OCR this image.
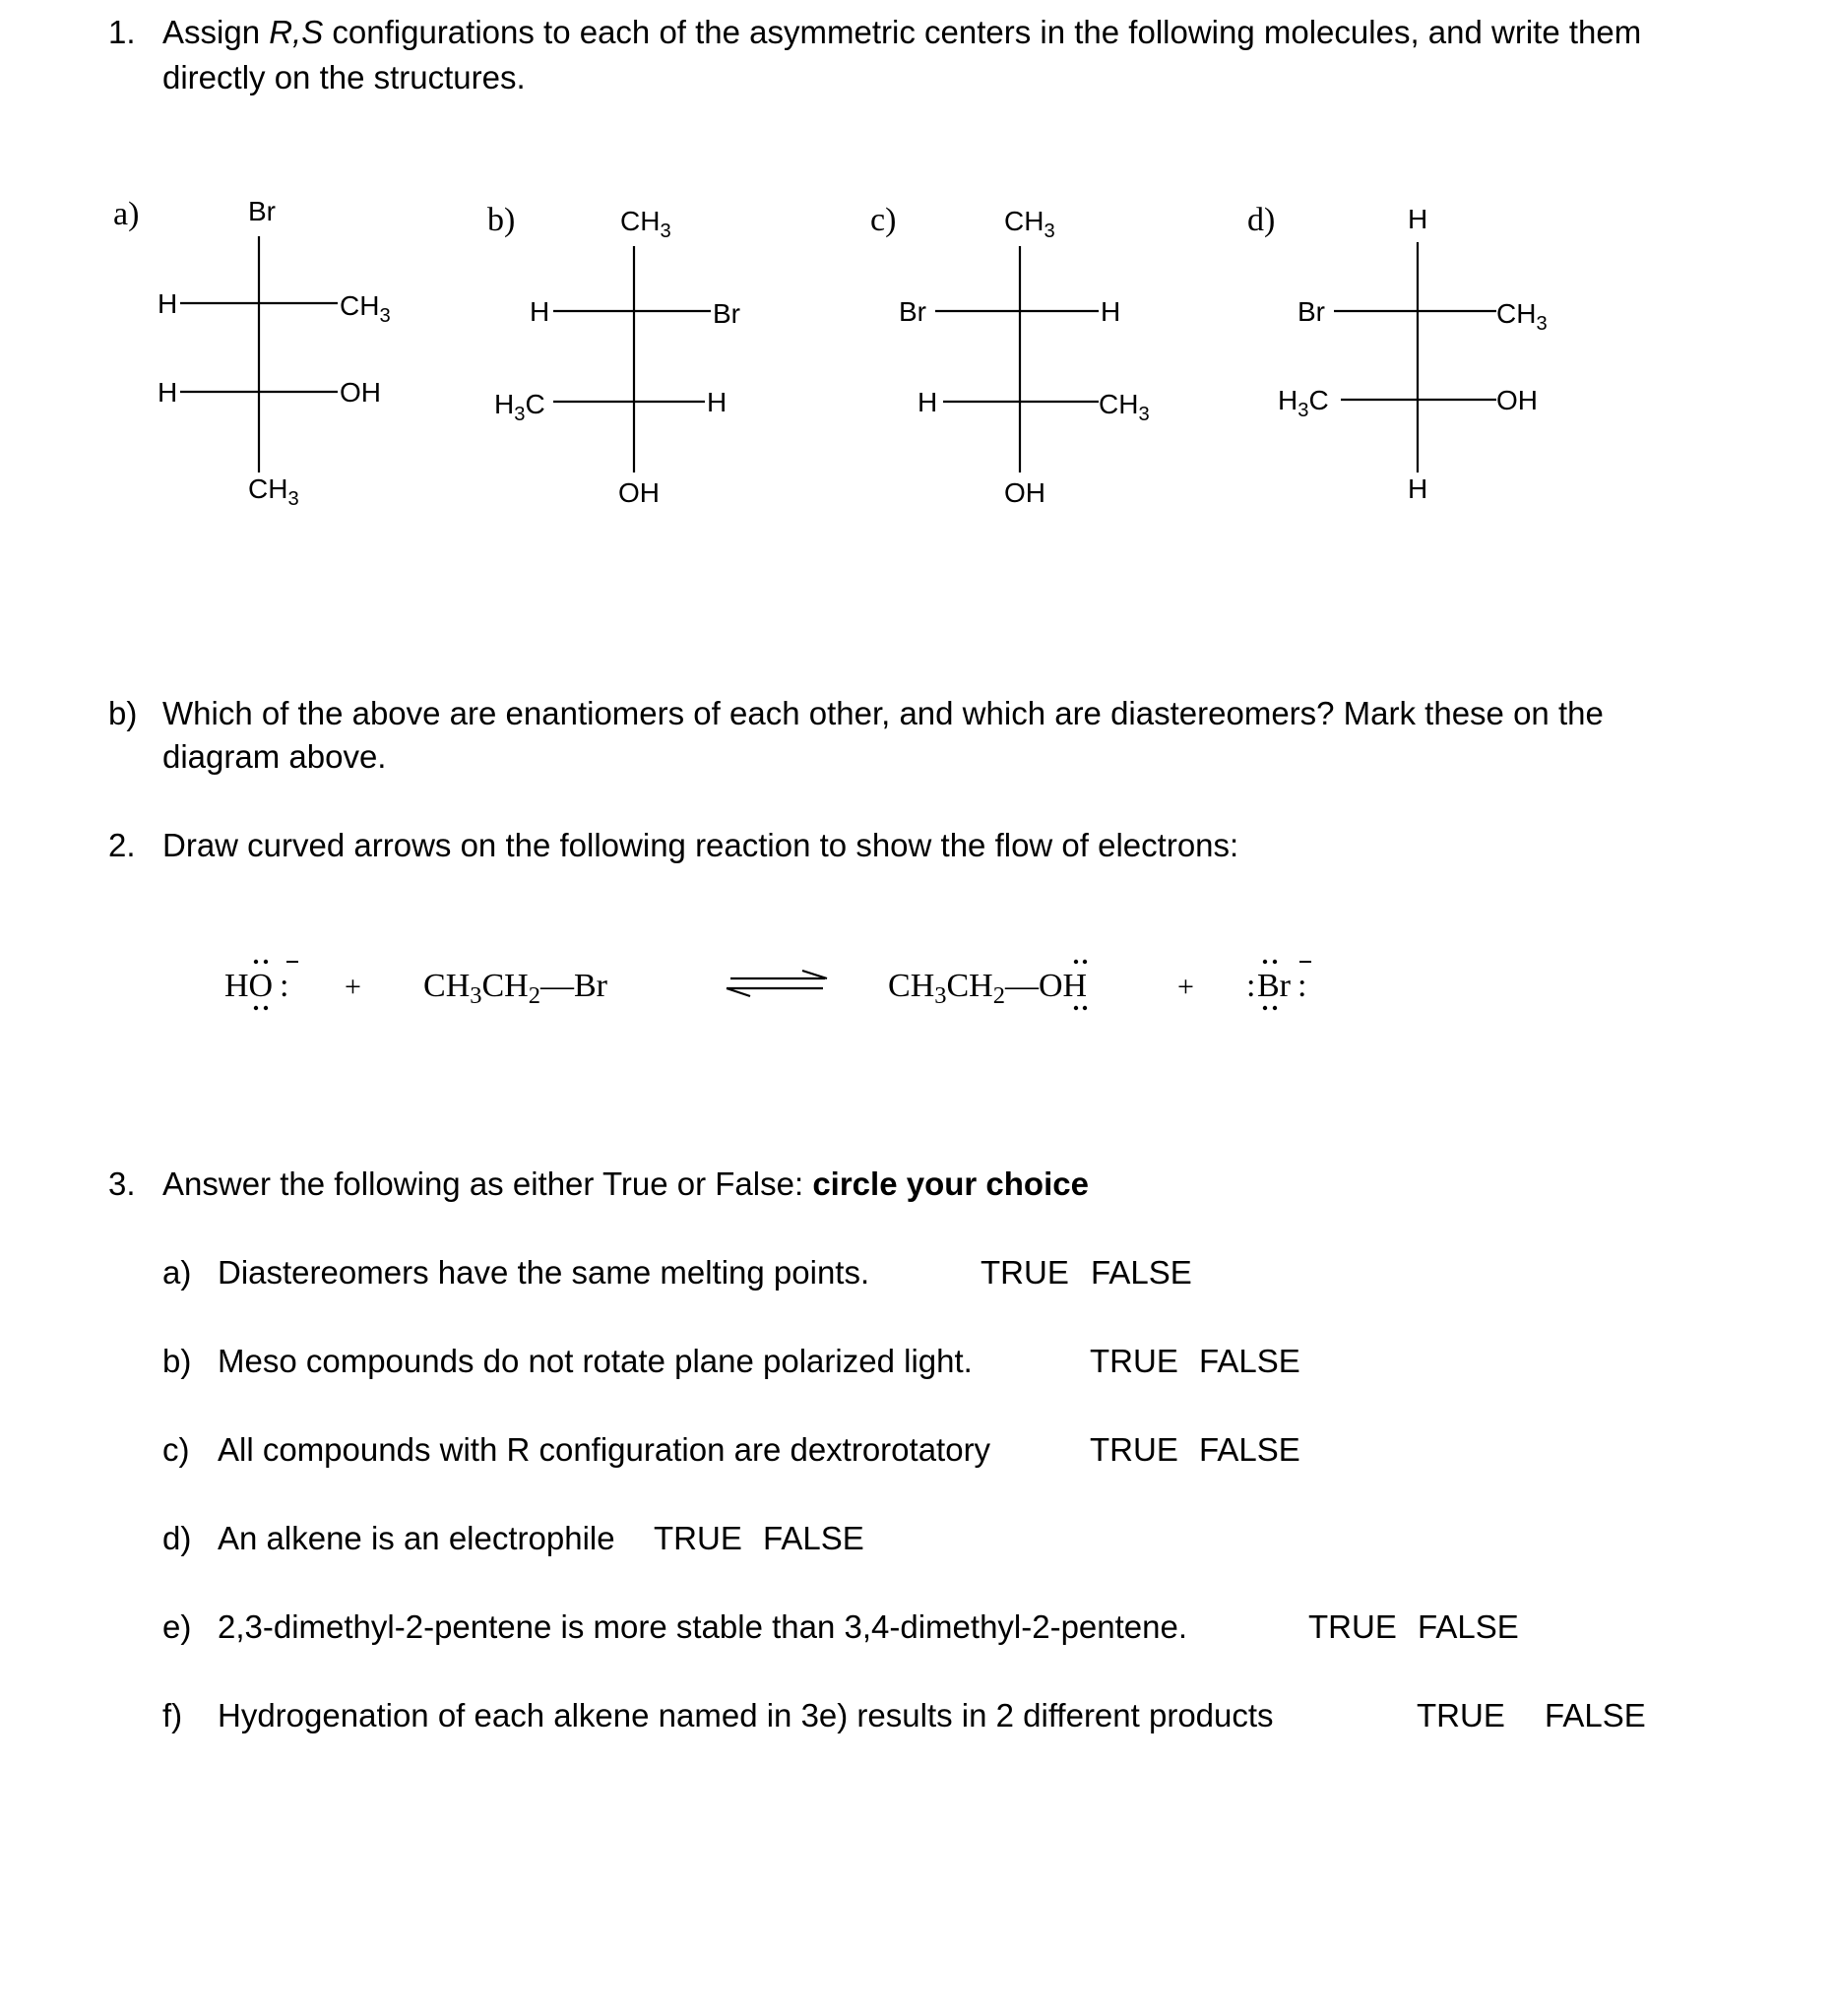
1. Assign R,S configurations to each of the asymmetric centers in the following molecules, and write them
directly on the structures.
a)	Br
H	$CH_3$
H	OH
$CH_3$
b)	$CH_3$
H	Br
$H_3C$	H
OH
c)	$CH_3$
Br	H
H	$CH_3$
OH
d)	H
Br	$CH_3$
$H_3C$	OH
H
b) Which of the above are enantiomers of each other, and which are diastereomers? Mark these on the
diagram above.
2. Draw curved arrows on the following reaction to show the flow of electrons:
HO : + $CH_3CH_2—Br$	$CH_3CH_2—OH$	+ : Br :
3. Answer the following as either True or False: circle your choice
a) Diastereomers have the same melting points.	TRUE FALSE
b) Meso compounds do not rotate plane polarized light.	TRUE FALSE
c) All compounds with R configuration are dextrorotatory	TRUE FALSE
d) An alkene is an electrophile TRUE FALSE
e) 2,3-dimethyl-2-pentene is more stable than 3,4-dimethyl-2-pentene.	TRUE FALSE
f) Hydrogenation of each alkene named in 3e) results in 2 different products	TRUE FALSE
